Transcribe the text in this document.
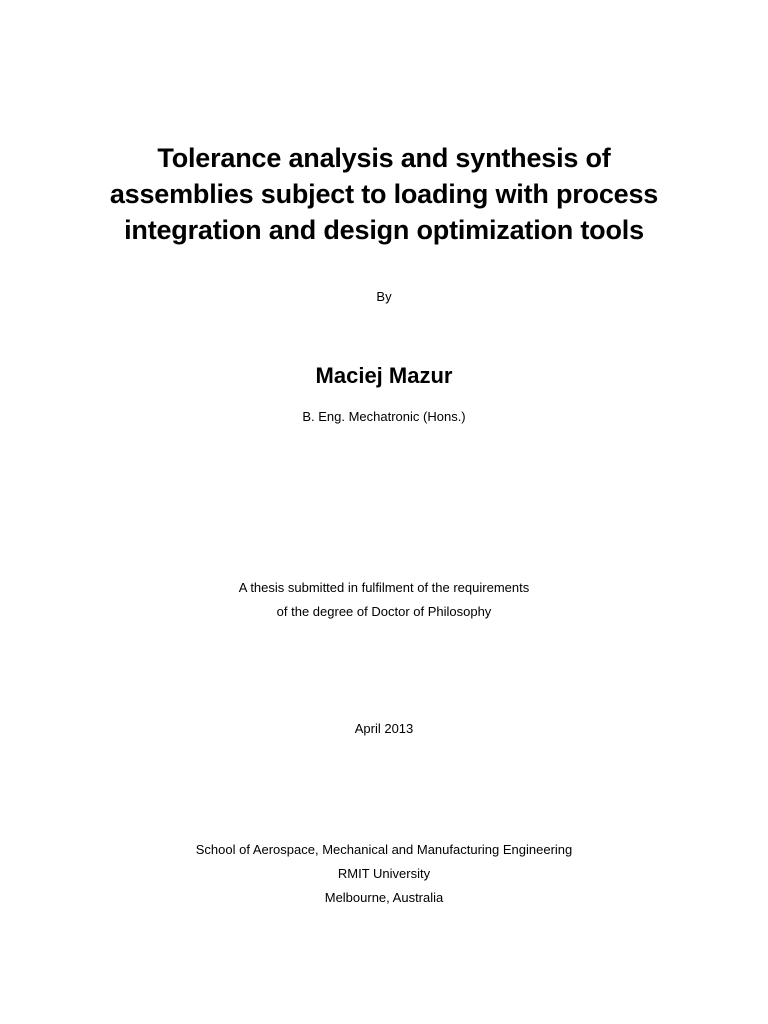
Tolerance analysis and synthesis of
assemblies subject to loading with process
integration and design optimization tools
By
Maciej Mazur
B. Eng. Mechatronic (Hons.)
A thesis submitted in fulfilment of the requirements
of the degree of Doctor of Philosophy
April 2013
School of Aerospace, Mechanical and Manufacturing Engineering
RMIT University
Melbourne, Australia
